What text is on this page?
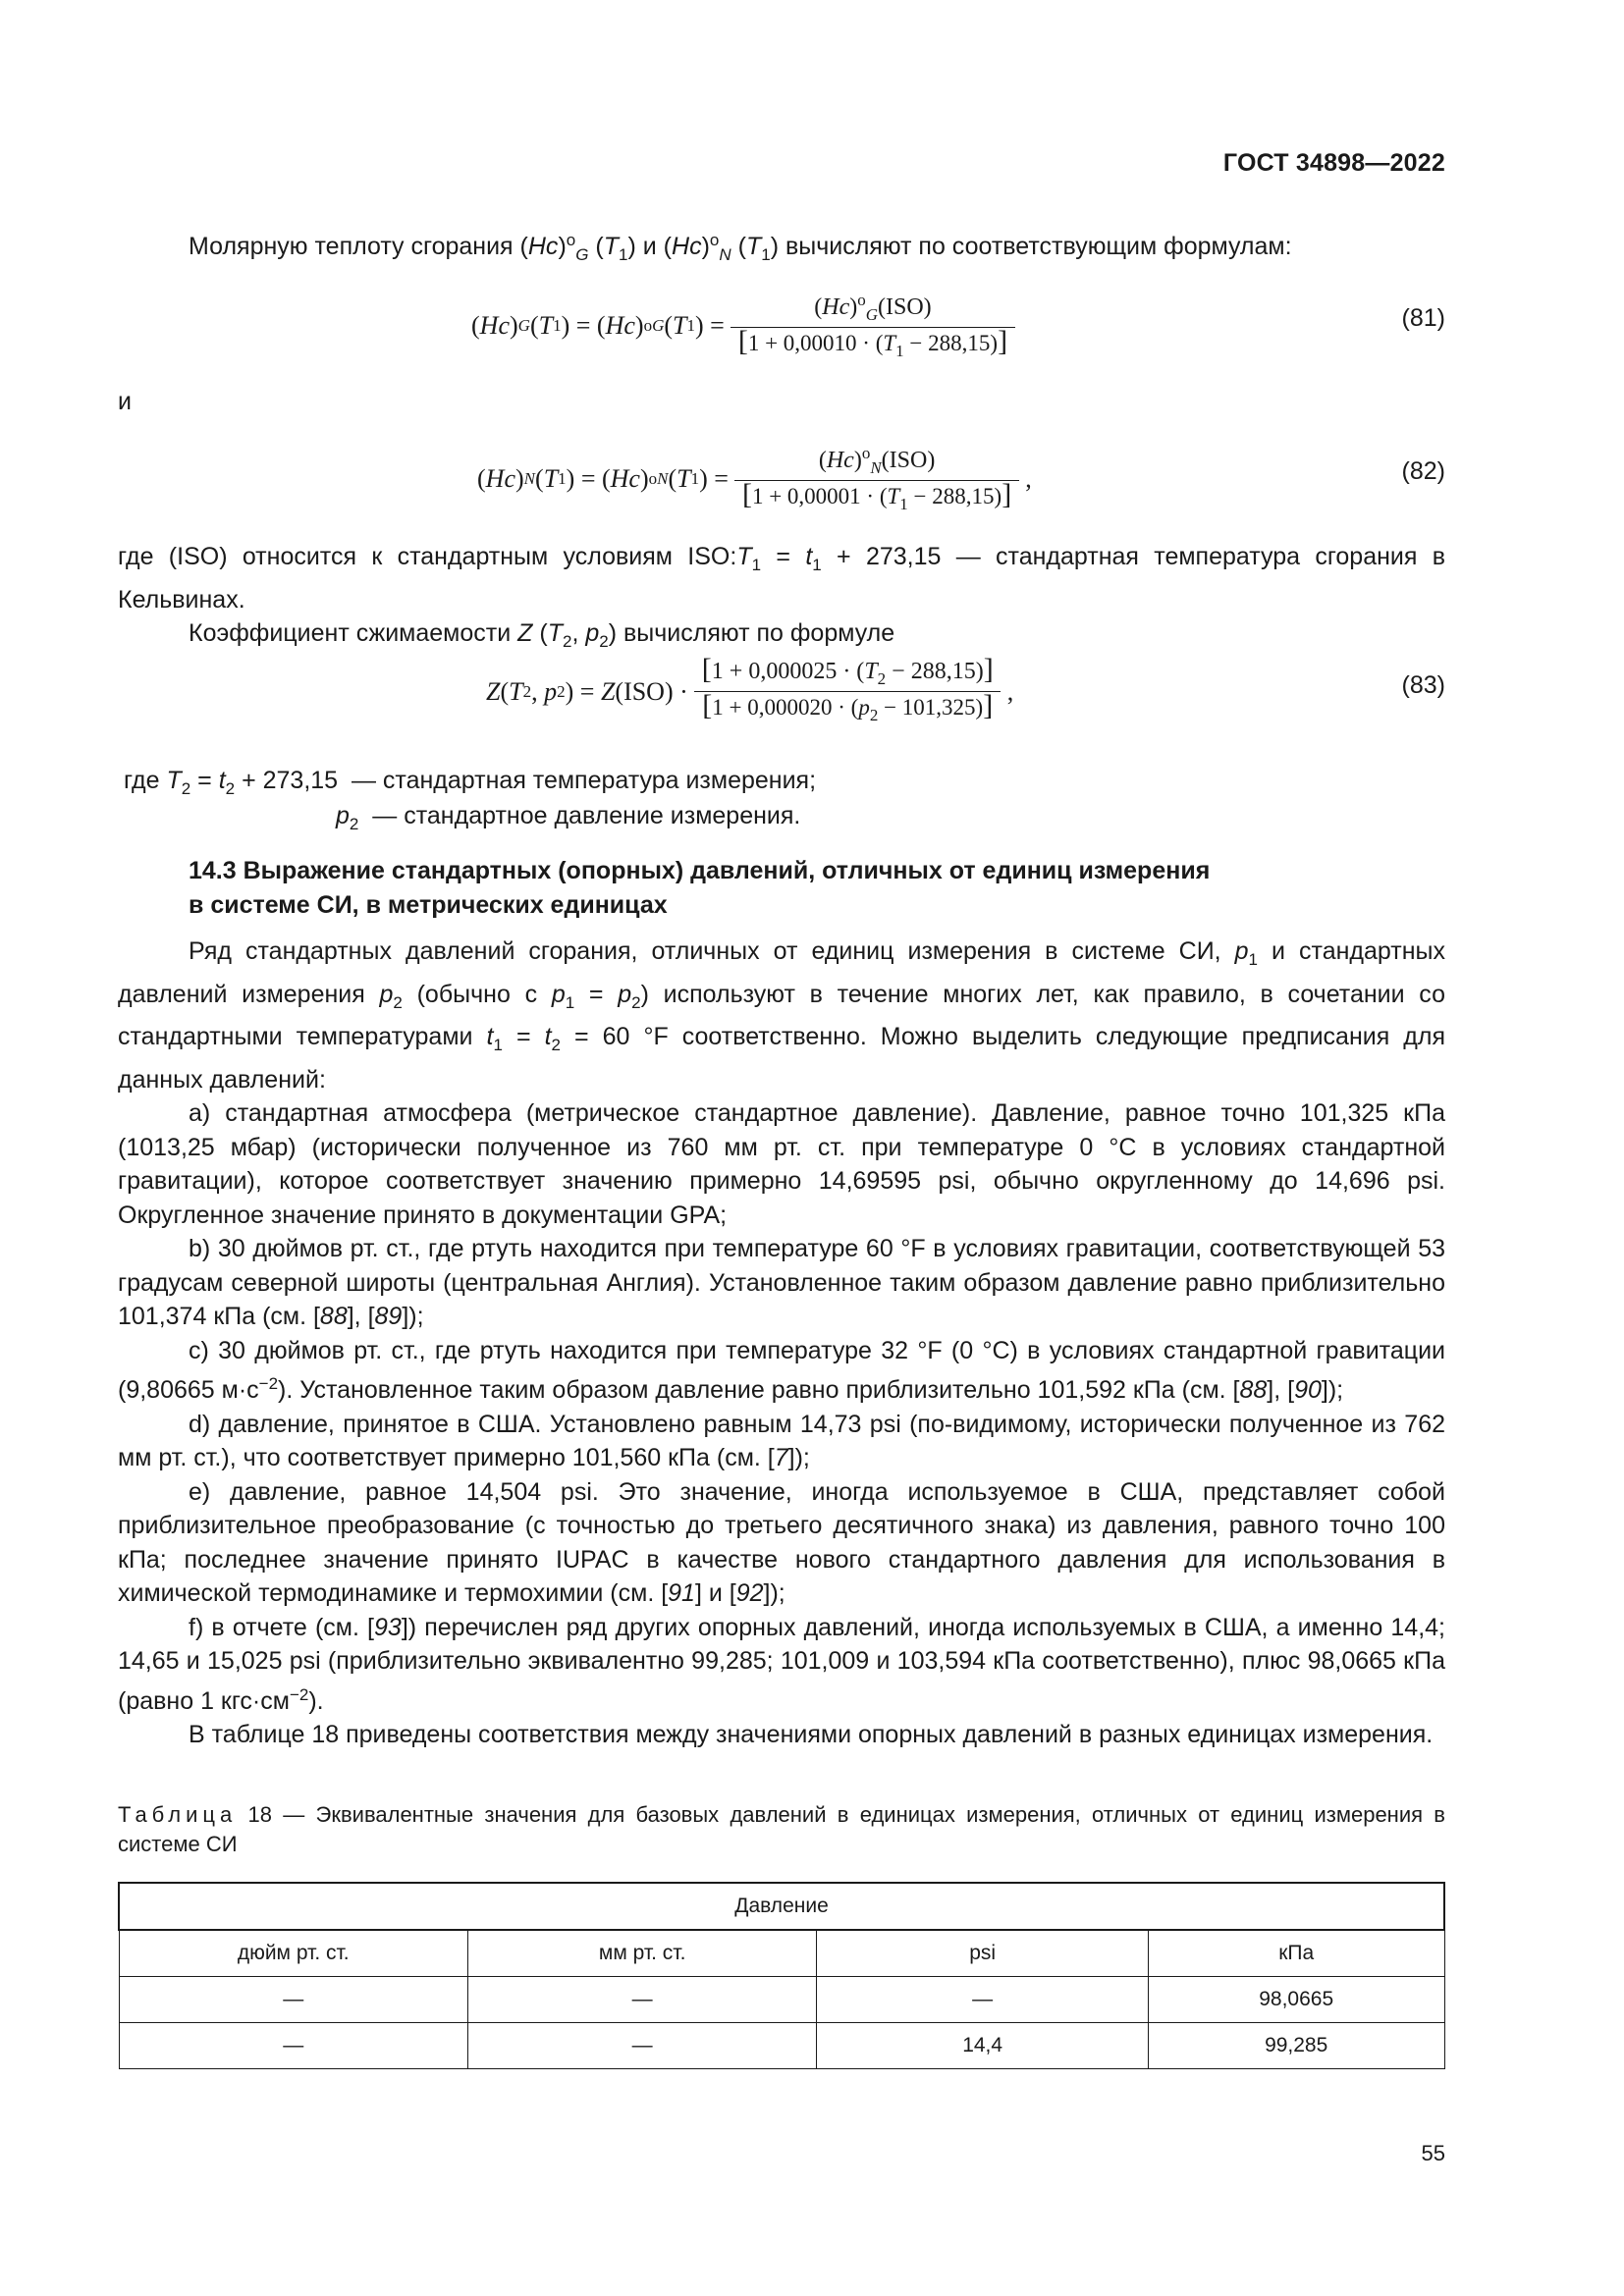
ГОСТ 34898—2022

Молярную теплоту сгорания $(Hc)^o_G$ $(T_1)$ и $(Hc)^o_N$ $(T_1)$ вычисляют по соответствующим формулам:

( Hc ) G ( T 1 ) = ( Hc ) o G ( T 1 ) = $\frac{(Hc)^o_G(ISO)}{[1 + 0,00010 \cdot (T_1 - 288,15)]}$	(81)
и
( Hc ) N ( T 1 ) = ( Hc ) o N ( T 1 ) = $\frac{(Hc)^o_N(ISO)}{[1 + 0,00001 \cdot (T_1 - 288,15)]}$ ,	(82)

где (ISO) относится к стандартным условиям $ISO:T_1 = t_1 + 273,15$ — стандартная температура сгорания в Кельвинах.

Коэффициент сжимаемости Z ($T_2$, $p_2$) вычисляют по формуле

Z ( T 2 , p 2 ) = Z $(ISO) \cdot \frac{[1 + 0,000025 \cdot (T_2 - 288,15)]}{[1 + 0,000020 \cdot (p_2 - 101,325)]}$ ,	(83)
где $T_2 = t_2 + 273,15$  — стандартная температура измерения;
$p_2$ — стандартное давление измерения.

14.3 Выражение стандартных (опорных) давлений, отличных от единиц измерения

в системе СИ, в метрических единицах

Ряд стандартных давлений сгорания, отличных от единиц измерения в системе СИ, $p_1$ и стандартных давлений измерения $p_2$ (обычно с $p_1 = p_2$) используют в течение многих лет, как правило, в сочетании со стандартными температурами $t_1 = t_2 = 60$ °F соответственно. Можно выделить следующие предписания для данных давлений:

а) стандартная атмосфера (метрическое стандартное давление). Давление, равное точно 101,325 кПа (1013,25 мбар) (исторически полученное из 760 мм рт. ст. при температуре 0 °C в условиях стандартной гравитации), которое соответствует значению примерно 14,69595 psi, обычно округленному до 14,696 psi. Округленное значение принято в документации GPA;

b) 30 дюймов рт. ст., где ртуть находится при температуре 60 °F в условиях гравитации, соответствующей 53 градусам северной широты (центральная Англия). Установленное таким образом давление равно приблизительно 101,374 кПа (см. [88], [89]);

c) 30 дюймов рт. ст., где ртуть находится при температуре 32 °F (0 °C) в условиях стандартной гравитации (9,80665 $м\cdot с^{-2}$). Установленное таким образом давление равно приблизительно 101,592 кПа (см. [88], [90]);

d) давление, принятое в США. Установлено равным 14,73 psi (по-видимому, исторически полученное из 762 мм рт. ст.), что соответствует примерно 101,560 кПа (см. [7]);

e) давление, равное 14,504 psi. Это значение, иногда используемое в США, представляет собой приблизительное преобразование (с точностью до третьего десятичного знака) из давления, равного точно 100 кПа; последнее значение принято IUPAC в качестве нового стандартного давления для использования в химической термодинамике и термохимии (см. [91] и [92]);

f) в отчете (см. [93]) перечислен ряд других опорных давлений, иногда используемых в США, а именно 14,4; 14,65 и 15,025 psi (приблизительно эквивалентно 99,285; 101,009 и 103,594 кПа соответственно), плюс 98,0665 кПа (равно 1 $кгс\cdot см^{-2}$).

В таблице 18 приведены соответствия между значениями опорных давлений в разных единицах измерения.

Таблица 18 — Эквивалентные значения для базовых давлений в единицах измерения, отличных от единиц измерения в системе СИ

Давление			
дюйм рт. ст.	мм рт. ст.	psi	кПа
—	—	—	98,0665
—	—	14,4	99,285
55
